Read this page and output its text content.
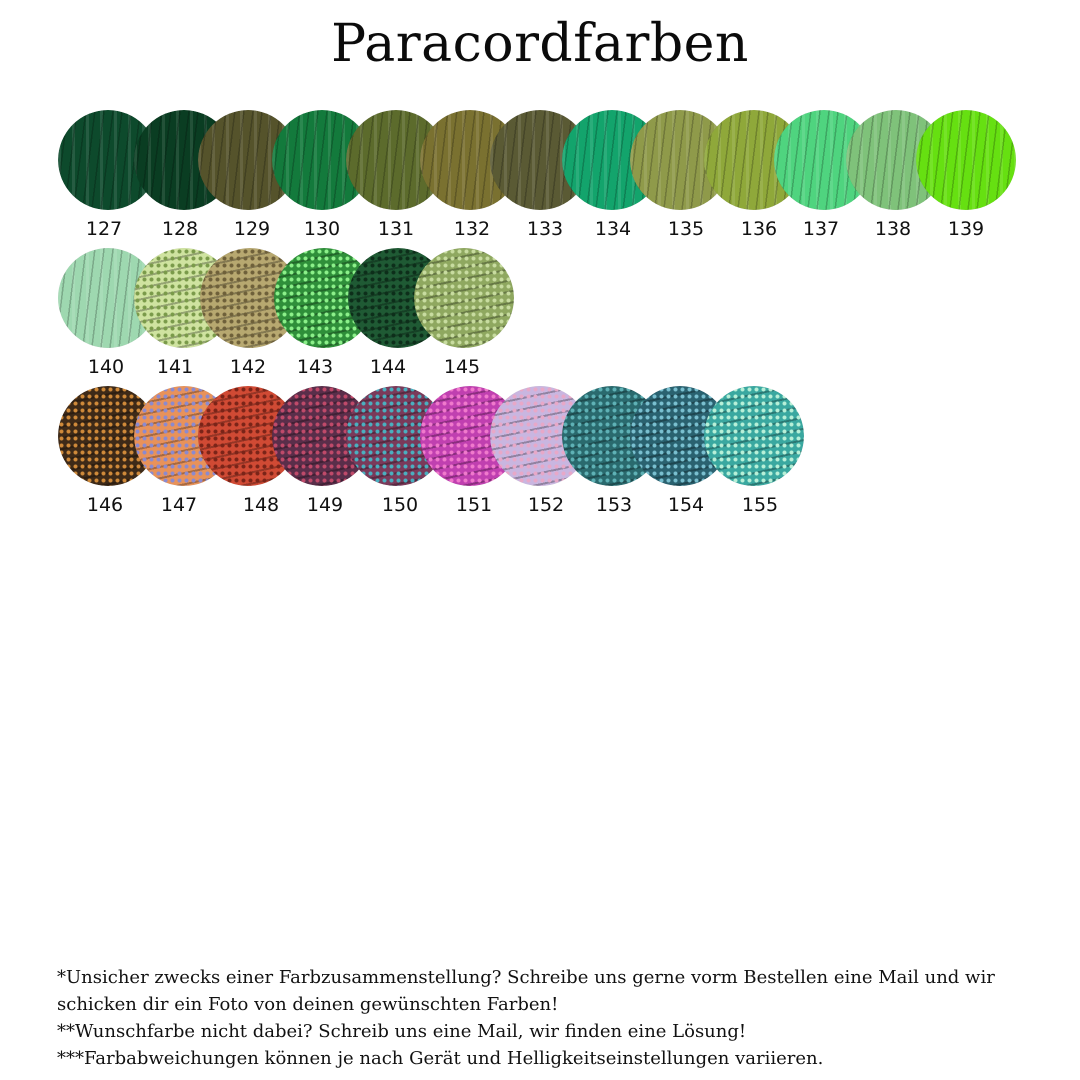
Paracordfarben
127	128	129	130	131	132	133	134	135	136	137	138	139
140	141	142	143	144	145
146	147	148	149	150	151	152	153	154	155
*Unsicher zwecks einer Farbzusammenstellung? Schreibe uns gerne vorm Bestellen eine Mail und wir schicken dir ein Foto von deinen gewünschten Farben!
**Wunschfarbe nicht dabei? Schreib uns eine Mail, wir finden eine Lösung!
***Farbabweichungen können je nach Gerät und Helligkeitseinstellungen variieren.
